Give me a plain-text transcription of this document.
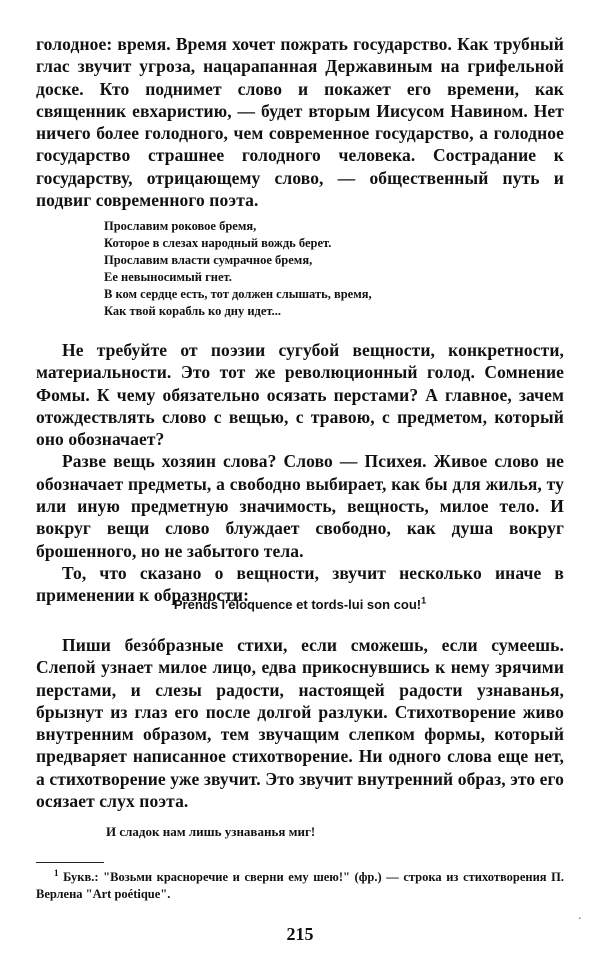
голодное: время. Время хочет пожрать государство. Как трубный глас звучит угроза, нацарапанная Державиным на грифельной доске. Кто поднимет слово и покажет его времени, как священник евхаристию, — будет вторым Иисусом Навином. Нет ничего более голодного, чем современное государство, а голодное государство страшнее голодного человека. Сострадание к государству, отрицающему слово, — общественный путь и подвиг современного поэта.

Прославим роковое бремя,
Которое в слезах народный вождь берет.
Прославим власти сумрачное бремя,
Ее невыносимый гнет.
В ком сердце есть, тот должен слышать, время,
Как твой корабль ко дну идет...

Не требуйте от поэзии сугубой вещности, конкретности, материальности. Это тот же революционный голод. Сомнение Фомы. К чему обязательно осязать перстами? А главное, зачем отождествлять слово с вещью, с травою, с предметом, который оно обозначает?

Разве вещь хозяин слова? Слово — Психея. Живое слово не обозначает предметы, а свободно выбирает, как бы для жилья, ту или иную предметную значимость, вещность, милое тело. И вокруг вещи слово блуждает свободно, как душа вокруг брошенного, но не забытого тела.

То, что сказано о вещности, звучит несколько иначе в применении к образности:

Prends l'éloquence et tords-lui son cou!$^1$

Пиши безóбразные стихи, если сможешь, если сумеешь. Слепой узнает милое лицо, едва прикоснувшись к нему зрячими перстами, и слезы радости, настоящей радости узнаванья, брызнут из глаз его после долгой разлуки. Стихотворение живо внутренним образом, тем звучащим слепком формы, который предваряет написанное стихотворение. Ни одного слова еще нет, а стихотворение уже звучит. Это звучит внутренний образ, это его осязает слух поэта.

И сладок нам лишь узнаванья миг!
$^1$ Букв.: "Возьми красноречие и сверни ему шею!" (фр.) — строка из стихотворения П. Верлена "Art poétique".
215
.
